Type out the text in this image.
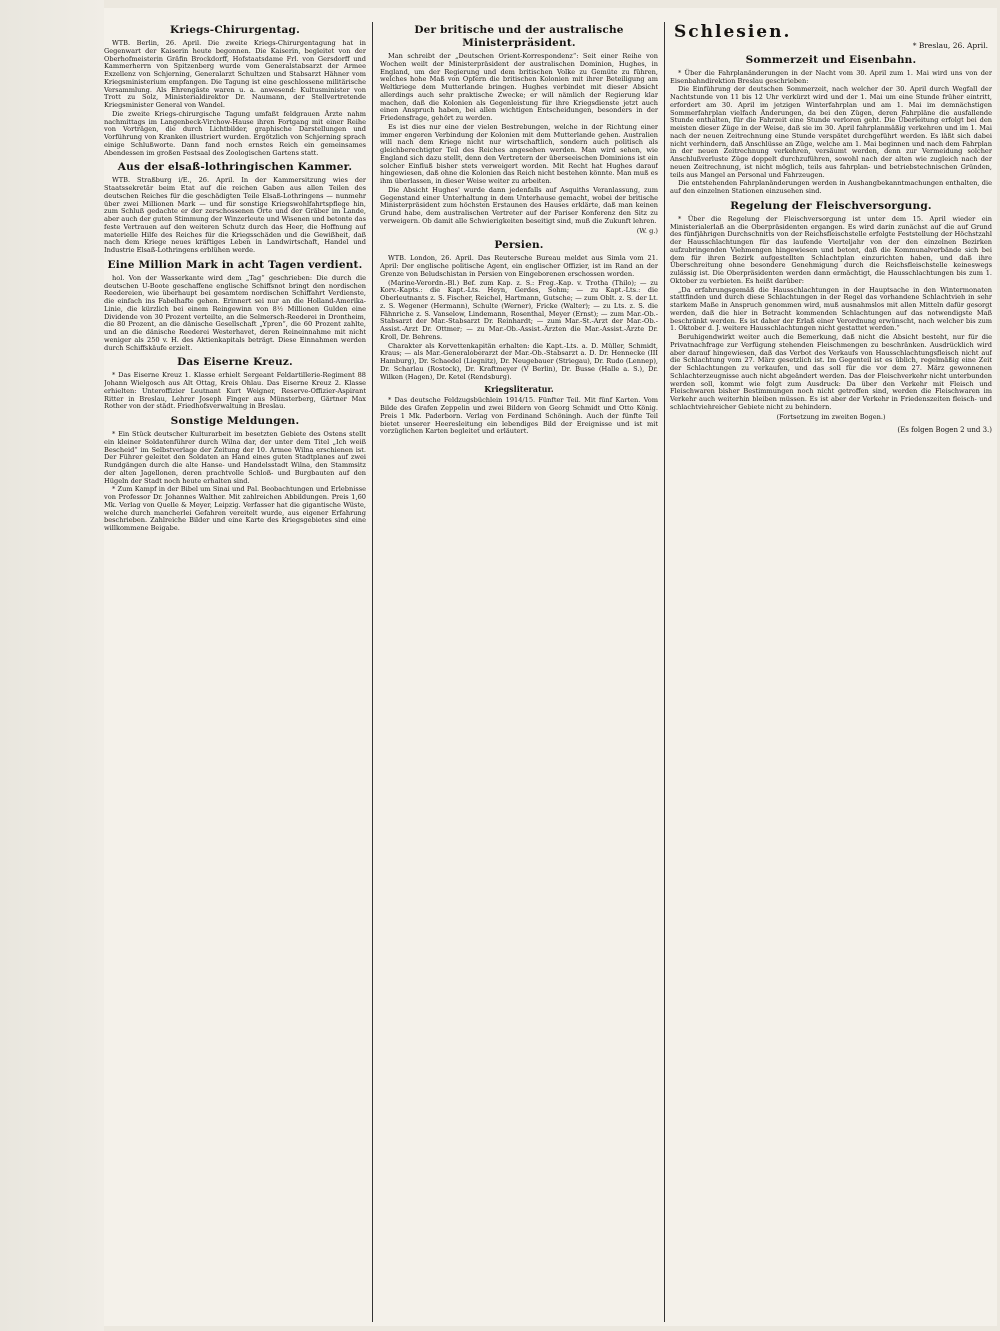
Kriegs-Chirurgentag.

WTB. Berlin, 26. April. Die zweite Kriegs-Chirurgentagung hat in Gegenwart der Kaiserin heute begonnen. Die Kaiserin, begleitet von der Oberhofmeisterin Gräfin Brockdorff, Hofstaatsdame Frl. von Gersdorff und Kammerherrn von Spitzenberg wurde vom Generalstabsarzt der Armee Exzellenz von Schjerning, Generalarzt Schultzen und Stabsarzt Hähner vom Kriegsministerium empfangen. Die Tagung ist eine geschlossene militärische Versammlung. Als Ehrengäste waren u. a. anwesend: Kultusminister von Trott zu Solz, Ministerialdirektor Dr. Naumann, der Stellvertretende Kriegsminister General von Wandel.

Die zweite Kriegs-chirurgische Tagung umfaßt feldgrauen Ärzte nahm nachmittags im Langenbeck-Virchow-Hause ihren Fortgang mit einer Reihe von Vorträgen, die durch Lichtbilder, graphische Darstellungen und Vorführung von Kranken illustriert wurden. Ergötzlich von Schjerning sprach einige Schlußworte. Dann fand noch ernstes Reich ein gemeinsames Abendessen im großen Festsaal des Zoologischen Gartens statt.

Aus der elsaß-lothringischen Kammer.

WTB. Straßburg i/E., 26. April. In der Kammersitzung wies der Staatssekretär beim Etat auf die reichen Gaben aus allen Teilen des deutschen Reiches für die geschädigten Teile Elsaß-Lothringens — nunmehr über zwei Millionen Mark — und für sonstige Kriegswohlfahrtspflege hin, zum Schluß gedachte er der zerschossenen Orte und der Gräber im Lande, aber auch der guten Stimmung der Winzerleute und Wisenen und betonte das feste Vertrauen auf den weiteren Schutz durch das Heer, die Hoffnung auf materielle Hilfe des Reiches für die Kriegsschäden und die Gewißheit, daß nach dem Kriege neues kräftiges Leben in Landwirtschaft, Handel und Industrie Elsaß-Lothringens erblühen werde.

Eine Million Mark in acht Tagen verdient.

hol. Von der Wasserkante wird dem „Tag“ geschrieben: Die durch die deutschen U-Boote geschaffene englische Schiffsnot bringt den nordischen Reedereien, wie überhaupt bei gesamtem nordischen Schiffahrt Verdienste, die einfach ins Fabelhafte gehen. Erinnert sei nur an die Holland-Amerika-Linie, die kürzlich bei einem Reingewinn von 8½ Millionen Gulden eine Dividende von 30 Prozent verteilte, an die Selmersch-Reederei in Drontheim, die 80 Prozent, an die dänische Gesellschaft „Ypren“, die 60 Prozent zahlte, und an die dänische Reederei Westerhavet, deren Reineinnahme mit nicht weniger als 250 v. H. des Aktienkapitals beträgt. Diese Einnahmen werden durch Schiffskäufe erzielt.

Das Eiserne Kreuz.

* Das Eiserne Kreuz 1. Klasse erhielt Sergeant Feldartillerie-Regiment 88 Johann Wielgosch aus Alt Ottag, Kreis Ohlau. Das Eiserne Kreuz 2. Klasse erhielten: Unteroffizier Leutnant Kurt Weigner, Reserve-Offizier-Aspirant Ritter in Breslau, Lehrer Joseph Finger aus Münsterberg, Gärtner Max Rother von der städt. Friedhofsverwaltung in Breslau.

Sonstige Meldungen.

* Ein Stück deutscher Kulturarbeit im besetzten Gebiete des Ostens stellt ein kleiner Soldatenführer durch Wilna dar, der unter dem Titel „Ich weiß Bescheid“ im Selbstverlage der Zeitung der 10. Armee Wilna erschienen ist. Der Führer geleitet den Soldaten an Hand eines guten Stadtplanes auf zwei Rundgängen durch die alte Hanse- und Handelsstadt Wilna, den Stammsitz der alten Jagellonen, deren prachtvolle Schloß- und Burgbauten auf den Hügeln der Stadt noch heute erhalten sind.

* Zum Kampf in der Bibel um Sinai und Pal. Beobachtungen und Erlebnisse von Professor Dr. Johannes Walther. Mit zahlreichen Abbildungen. Preis 1,60 Mk. Verlag von Quelle & Meyer, Leipzig. Verfasser hat die gigantische Wüste, welche durch mancherlei Gefahren vereitelt wurde, aus eigener Erfahrung beschrieben. Zahlreiche Bilder und eine Karte des Kriegsgebietes sind eine willkommene Beigabe.

Der britische und der australische Ministerpräsident.

Man schreibt der „Deutschen Orient-Korrespondenz“: Seit einer Reihe von Wochen weilt der Ministerpräsident der australischen Dominion, Hughes, in England, um der Regierung und dem britischen Volke zu Gemüte zu führen, welches hohe Maß von Opfern die britischen Kolonien mit ihrer Beteiligung am Weltkriege dem Mutterlande bringen. Hughes verbindet mit dieser Absicht allerdings auch sehr praktische Zwecke; er will nämlich der Regierung klar machen, daß die Kolonien als Gegenleistung für ihre Kriegsdienste jetzt auch einen Anspruch haben, bei allen wichtigen Entscheidungen, besonders in der Friedensfrage, gehört zu werden.

Es ist dies nur eine der vielen Bestrebungen, welche in der Richtung einer immer engeren Verbindung der Kolonien mit dem Mutterlande gehen. Australien will nach dem Kriege nicht nur wirtschaftlich, sondern auch politisch als gleichberechtigter Teil des Reiches angesehen werden. Man wird sehen, wie England sich dazu stellt, denn den Vertretern der überseeischen Dominions ist ein solcher Einfluß bisher stets verweigert worden. Mit Recht hat Hughes darauf hingewiesen, daß ohne die Kolonien das Reich nicht bestehen könnte. Man muß es ihm überlassen, in dieser Weise weiter zu arbeiten.

Die Absicht Hughes' wurde dann jedenfalls auf Asquiths Veranlassung, zum Gegenstand einer Unterhaltung in dem Unterhause gemacht, wobei der britische Ministerpräsident zum höchsten Erstaunen des Hauses erklärte, daß man keinen Grund habe, dem australischen Vertreter auf der Pariser Konferenz den Sitz zu verweigern. Ob damit alle Schwierigkeiten beseitigt sind, muß die Zukunft lehren.

(W. g.)
Persien.

WTB. London, 26. April. Das Reutersche Bureau meldet aus Simla vom 21. April: Der englische politische Agent, ein englischer Offizier, ist im Rand an der Grenze von Beludschistan in Persien von Eingeborenen erschossen worden.

(Marine-Verordn.-Bl.) Bef. zum Kap. z. S.: Freg.-Kap. v. Trotha (Thilo); — zu Korv.-Kapts.: die Kapt.-Lts. Heyn, Gerdes, Sohm; — zu Kapt.-Lts.: die Oberleutnants z. S. Fischer, Reichel, Hartmann, Gutsche; — zum Oblt. z. S. der Lt. z. S. Wegener (Hermann), Schulte (Werner), Fricke (Walter); — zu Lts. z. S. die Fähnriche z. S. Vanselow, Lindemann, Rosenthal, Meyer (Ernst); — zum Mar.-Ob.-Stabsarzt der Mar.-Stabsarzt Dr. Reinhardt; — zum Mar.-St.-Arzt der Mar.-Ob.-Assist.-Arzt Dr. Ottmer; — zu Mar.-Ob.-Assist.-Ärzten die Mar.-Assist.-Ärzte Dr. Kroll, Dr. Behrens.

Charakter als Korvettenkapitän erhalten: die Kapt.-Lts. a. D. Müller, Schmidt, Kraus; — als Mar.-Generaloberarzt der Mar.-Ob.-Stabsarzt a. D. Dr. Hennecke (III Hamburg), Dr. Schaedel (Liegnitz), Dr. Neugebauer (Striegau), Dr. Rudo (Lennep), Dr. Scharlau (Rostock), Dr. Kraftmeyer (V Berlin), Dr. Busse (Halle a. S.), Dr. Wilken (Hagen), Dr. Ketel (Rendsburg).

Kriegsliteratur.

* Das deutsche Feldzugsbüchlein 1914/15. Fünfter Teil. Mit fünf Karten. Vom Bilde des Grafen Zeppelin und zwei Bildern von Georg Schmidt und Otto König. Preis 1 Mk. Paderborn. Verlag von Ferdinand Schöningh. Auch der fünfte Teil bietet unserer Heeresleitung ein lebendiges Bild der Ereignisse und ist mit vorzüglichen Karten begleitet und erläutert.

Schlesien.
* Breslau, 26. April.
Sommerzeit und Eisenbahn.

* Über die Fahrplanänderungen in der Nacht vom 30. April zum 1. Mai wird uns von der Eisenbahndirektion Breslau geschrieben:

Die Einführung der deutschen Sommerzeit, nach welcher der 30. April durch Wegfall der Nachtstunde von 11 bis 12 Uhr verkürzt wird und der 1. Mai um eine Stunde früher eintritt, erfordert am 30. April im jetzigen Winterfahrplan und am 1. Mai im demnächstigen Sommerfahrplan vielfach Änderungen, da bei den Zügen, deren Fahrpläne die ausfallende Stunde enthalten, für die Fahrzeit eine Stunde verloren geht. Die Überleitung erfolgt bei den meisten dieser Züge in der Weise, daß sie im 30. April fahrplanmäßig verkehren und im 1. Mai nach der neuen Zeitrechnung eine Stunde verspätet durchgeführt werden. Es läßt sich dabei nicht verhindern, daß Anschlüsse an Züge, welche am 1. Mai beginnen und nach dem Fahrplan in der neuen Zeitrechnung verkehren, versäumt werden, denn zur Vermeidung solcher Anschlußverluste Züge doppelt durchzuführen, sowohl nach der alten wie zugleich nach der neuen Zeitrechnung, ist nicht möglich, teils aus fahrplan- und betriebstechnischen Gründen, teils aus Mangel an Personal und Fahrzeugen.

Die entstehenden Fahrplanänderungen werden in Aushangbekanntmachungen enthalten, die auf den einzelnen Stationen einzusehen sind.

Regelung der Fleischversorgung.

* Über die Regelung der Fleischversorgung ist unter dem 15. April wieder ein Ministerialerlaß an die Oberpräsidenten ergangen. Es wird darin zunächst auf die auf Grund des fünfjährigen Durchschnitts von der Reichsfleischstelle erfolgte Feststellung der Höchstzahl der Hausschlachtungen für das laufende Vierteljahr von der den einzelnen Bezirken aufzubringenden Viehmengen hingewiesen und betont, daß die Kommunalverbände sich bei dem für ihren Bezirk aufgestellten Schlachtplan einzurichten haben, und daß ihre Überschreitung ohne besondere Genehmigung durch die Reichsfleischstelle keineswegs zulässig ist. Die Oberpräsidenten werden dann ermächtigt, die Hausschlachtungen bis zum 1. Oktober zu verbieten. Es heißt darüber:

„Da erfahrungsgemäß die Hausschlachtungen in der Hauptsache in den Wintermonaten stattfinden und durch diese Schlachtungen in der Regel das vorhandene Schlachtvieh in sehr starkem Maße in Anspruch genommen wird, muß ausnahmslos mit allen Mitteln dafür gesorgt werden, daß die hier in Betracht kommenden Schlachtungen auf das notwendigste Maß beschränkt werden. Es ist daher der Erlaß einer Verordnung erwünscht, nach welcher bis zum 1. Oktober d. J. weitere Hausschlachtungen nicht gestattet werden.“

Beruhigendwirkt weiter auch die Bemerkung, daß nicht die Absicht besteht, nur für die Privatnachfrage zur Verfügung stehenden Fleischmengen zu beschränken. Ausdrücklich wird aber darauf hingewiesen, daß das Verbot des Verkaufs von Hausschlachtungsfleisch nicht auf die Schlachtung vom 27. März gesetzlich ist. Im Gegenteil ist es üblich, regelmäßig eine Zeit der Schlachtungen zu verkaufen, und das soll für die vor dem 27. März gewonnenen Schlachterzeugnisse auch nicht abgeändert werden. Das der Fleischverkehr nicht unterbunden werden soll, kommt wie folgt zum Ausdruck: Da über den Verkehr mit Fleisch und Fleischwaren bisher Bestimmungen noch nicht getroffen sind, werden die Fleischwaren im Verkehr auch weiterhin bleiben müssen. Es ist aber der Verkehr in Friedenszeiten fleisch- und schlachtviehreicher Gebiete nicht zu behindern.

(Fortsetzung im zweiten Bogen.)
(Es folgen Bogen 2 und 3.)
